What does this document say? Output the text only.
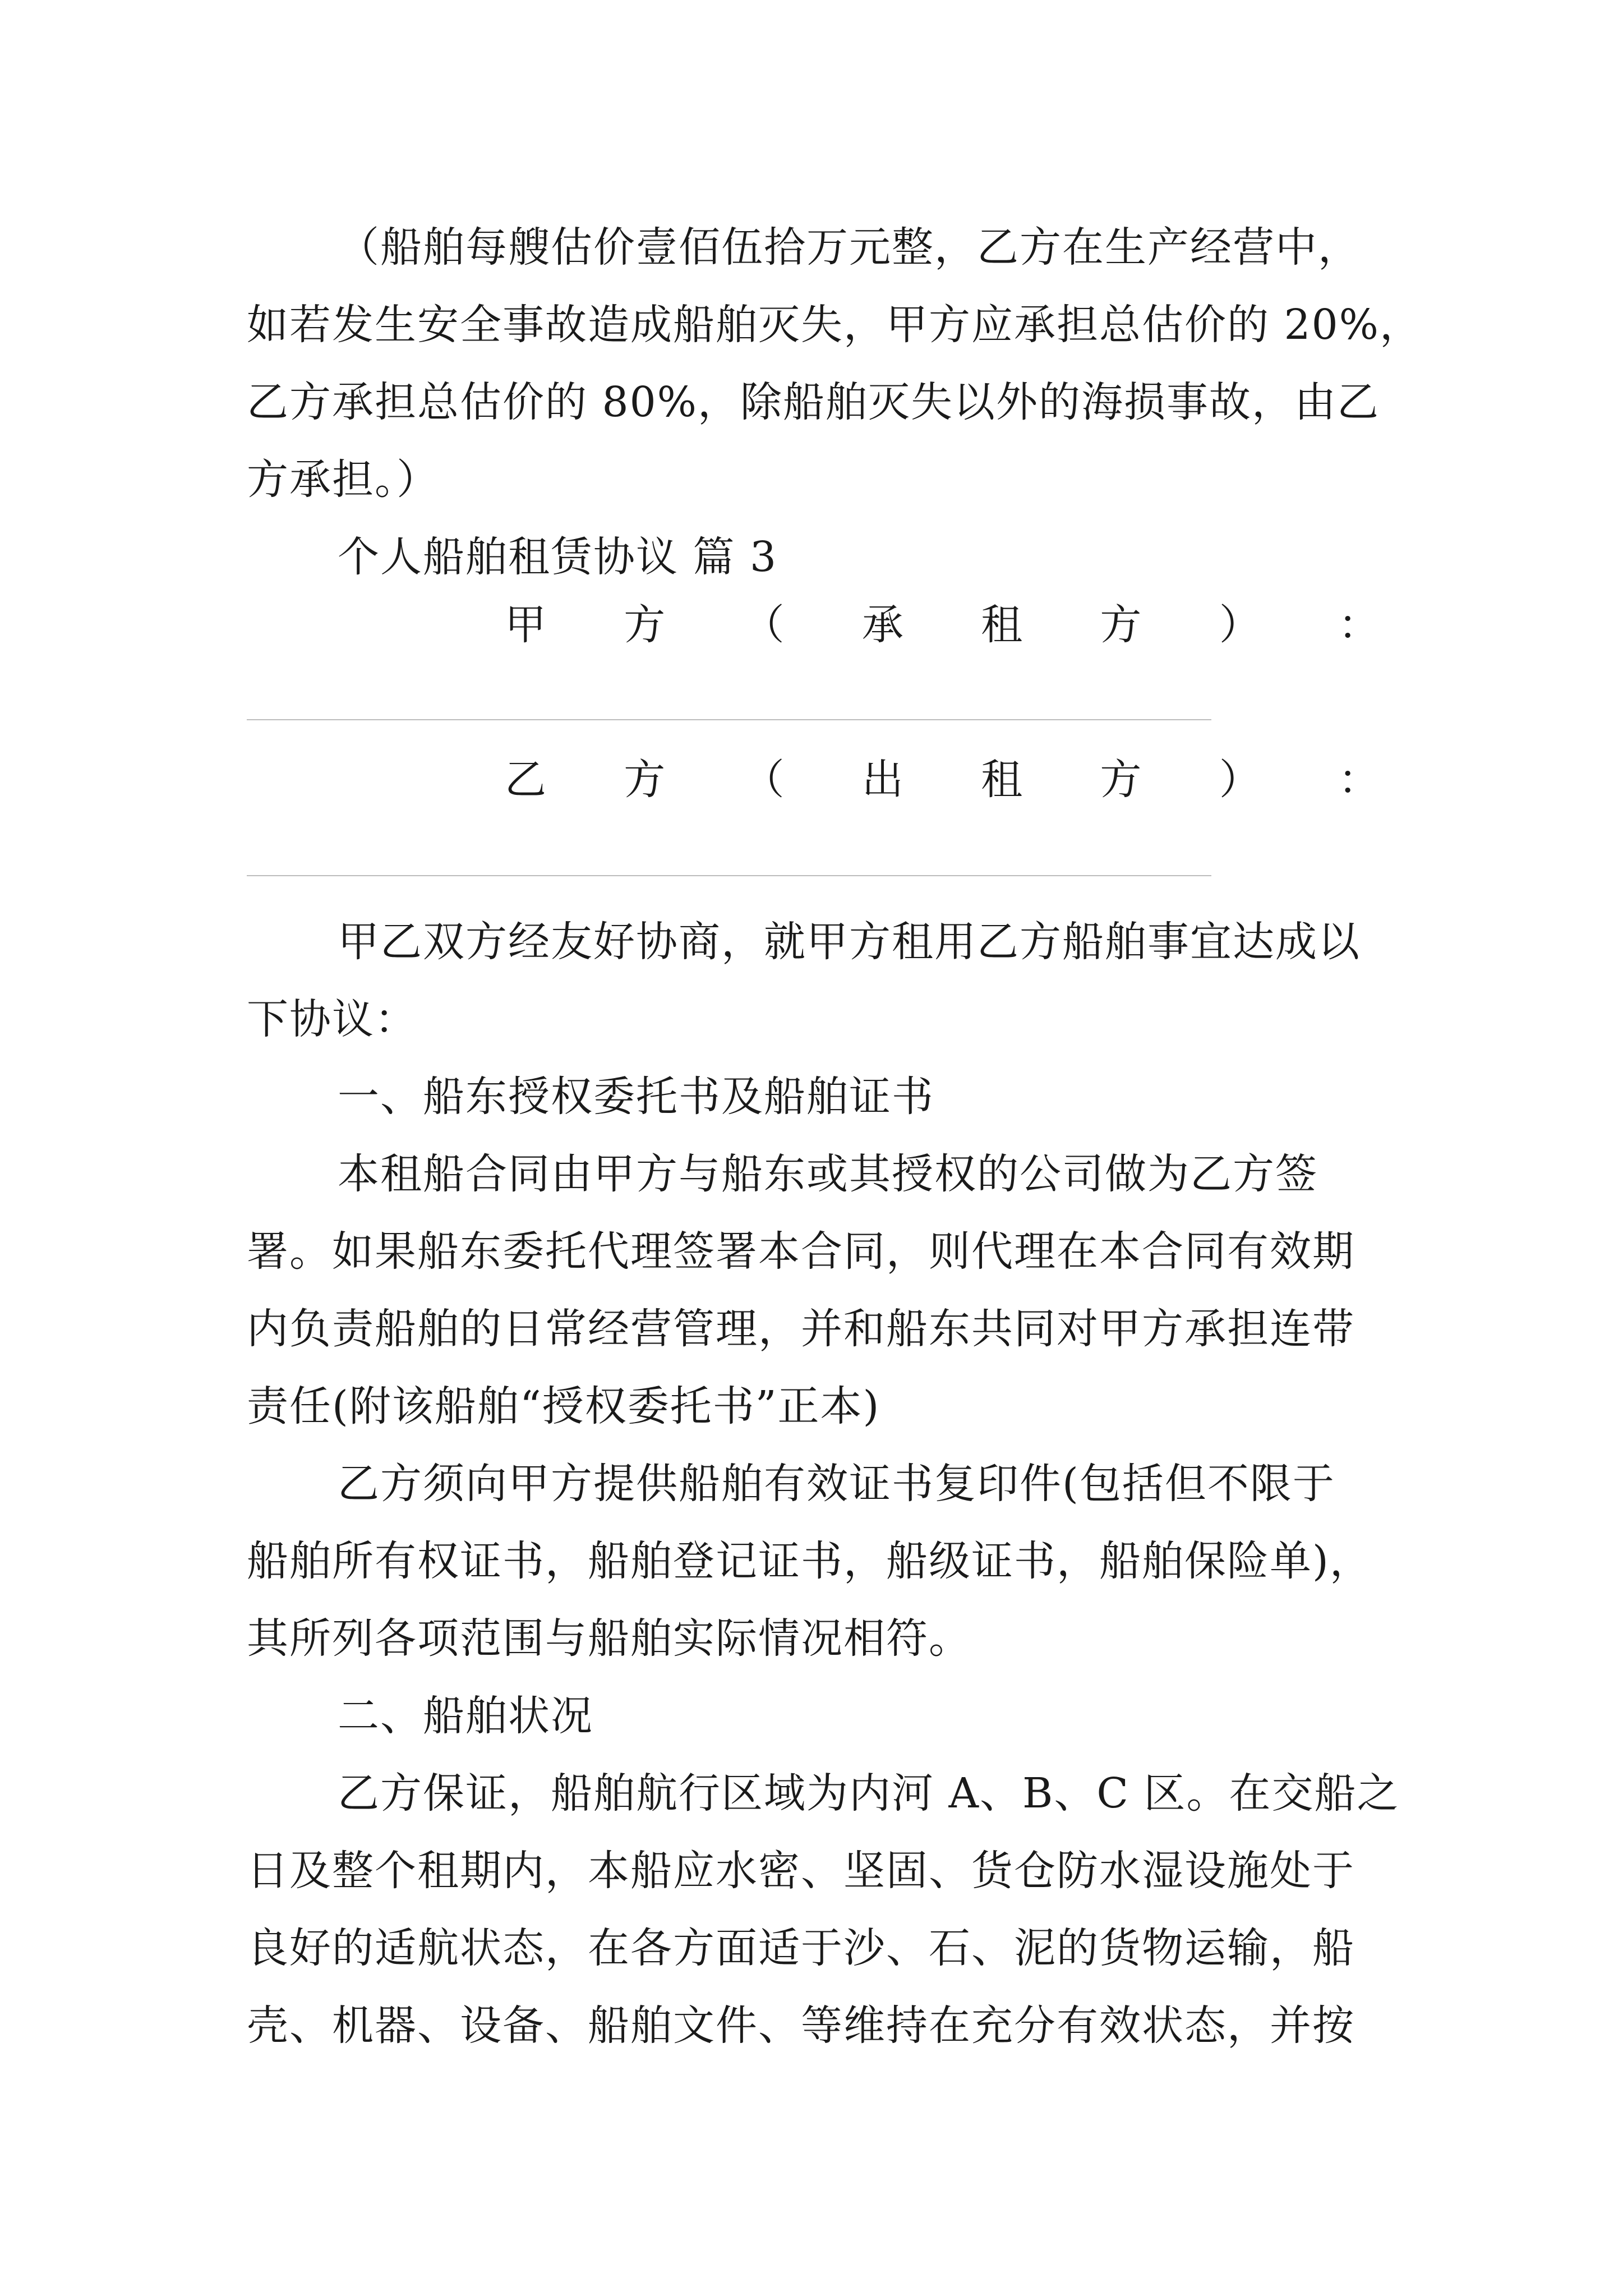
（船舶每艘估价壹佰伍拾万元整，乙方在生产经营中，
如若发生安全事故造成船舶灭失，甲方应承担总估价的 20%，
乙方承担总估价的 80%，除船舶灭失以外的海损事故，由乙
方承担。）
个人船舶租赁协议 篇 3
甲 方 （ 承 租 方 ） ：
乙 方 （ 出 租 方 ） ：
甲乙双方经友好协商，就甲方租用乙方船舶事宜达成以
下协议：
一、船东授权委托书及船舶证书
本租船合同由甲方与船东或其授权的公司做为乙方签
署。如果船东委托代理签署本合同，则代理在本合同有效期
内负责船舶的日常经营管理，并和船东共同对甲方承担连带
责任(附该船舶“授权委托书”正本)
乙方须向甲方提供船舶有效证书复印件(包括但不限于
船舶所有权证书，船舶登记证书，船级证书，船舶保险单)，
其所列各项范围与船舶实际情况相符。
二、船舶状况
乙方保证，船舶航行区域为内河 A、B、C 区。在交船之
日及整个租期内，本船应水密、坚固、货仓防水湿设施处于
良好的适航状态，在各方面适于沙、石、泥的货物运输，船
壳、机器、设备、船舶文件、等维持在充分有效状态，并按
